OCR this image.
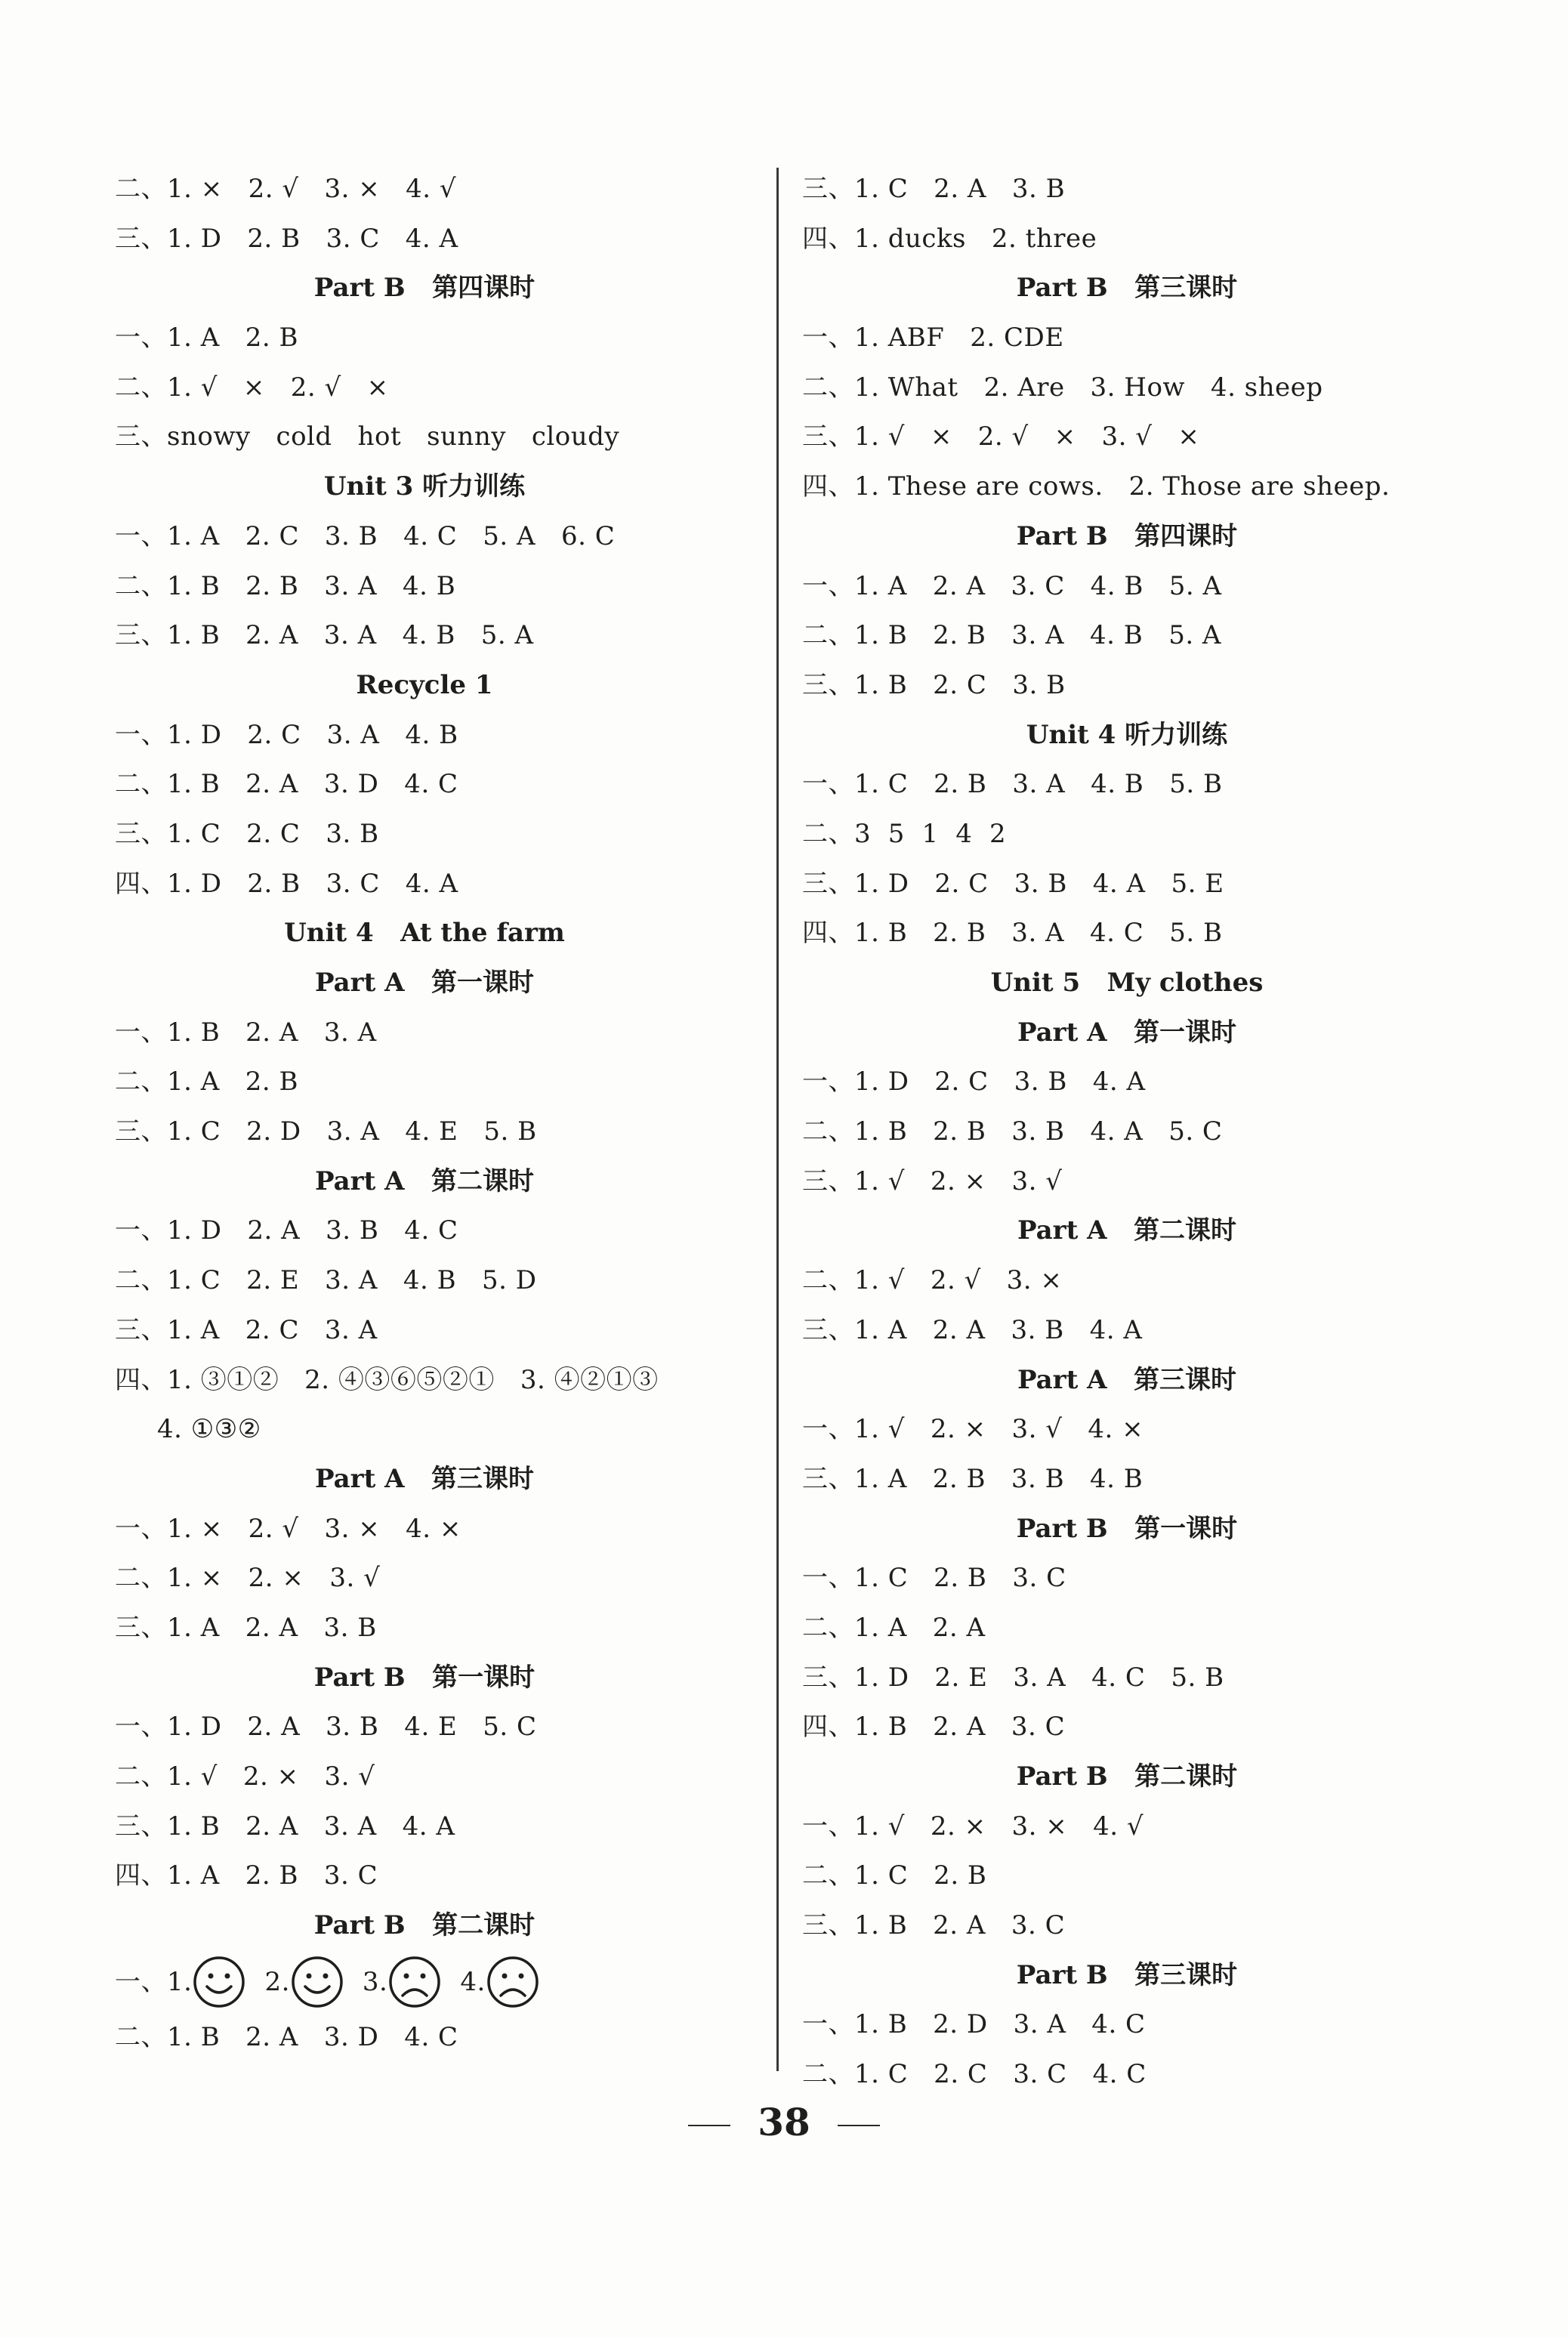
二、1. ×   2. √   3. ×   4. √
三、1. D   2. B   3. C   4. A
Part B   第四课时
一、1. A   2. B
二、1. √   ×   2. √   ×
三、snowy   cold   hot   sunny   cloudy
Unit 3 听力训练
一、1. A   2. C   3. B   4. C   5. A   6. C
二、1. B   2. B   3. A   4. B
三、1. B   2. A   3. A   4. B   5. A
Recycle 1
一、1. D   2. C   3. A   4. B
二、1. B   2. A   3. D   4. C
三、1. C   2. C   3. B
四、1. D   2. B   3. C   4. A
Unit 4   At the farm
Part A   第一课时
一、1. B   2. A   3. A
二、1. A   2. B
三、1. C   2. D   3. A   4. E   5. B
Part A   第二课时
一、1. D   2. A   3. B   4. C
二、1. C   2. E   3. A   4. B   5. D
三、1. A   2. C   3. A
四、1. ③①②   2. ④③⑥⑤②①   3. ④②①③
4. ①③②
Part A   第三课时
一、1. ×   2. √   3. ×   4. ×
二、1. ×   2. ×   3. √
三、1. A   2. A   3. B
Part B   第一课时
一、1. D   2. A   3. B   4. E   5. C
二、1. √   2. ×   3. √
三、1. B   2. A   3. A   4. A
四、1. A   2. B   3. C
Part B   第二课时
一、 1.	2.	3.	4.
二、1. B   2. A   3. D   4. C
三、1. C   2. A   3. B
四、1. ducks   2. three
Part B   第三课时
一、1. ABF   2. CDE
二、1. What   2. Are   3. How   4. sheep
三、1. √   ×   2. √   ×   3. √   ×
四、1. These are cows.   2. Those are sheep.
Part B   第四课时
一、1. A   2. A   3. C   4. B   5. A
二、1. B   2. B   3. A   4. B   5. A
三、1. B   2. C   3. B
Unit 4 听力训练
一、1. C   2. B   3. A   4. B   5. B
二、3  5  1  4  2
三、1. D   2. C   3. B   4. A   5. E
四、1. B   2. B   3. A   4. C   5. B
Unit 5   My clothes
Part A   第一课时
一、1. D   2. C   3. B   4. A
二、1. B   2. B   3. B   4. A   5. C
三、1. √   2. ×   3. √
Part A   第二课时
二、1. √   2. √   3. ×
三、1. A   2. A   3. B   4. A
Part A   第三课时
一、1. √   2. ×   3. √   4. ×
三、1. A   2. B   3. B   4. B
Part B   第一课时
一、1. C   2. B   3. C
二、1. A   2. A
三、1. D   2. E   3. A   4. C   5. B
四、1. B   2. A   3. C
Part B   第二课时
一、1. √   2. ×   3. ×   4. √
二、1. C   2. B
三、1. B   2. A   3. C
Part B   第三课时
一、1. B   2. D   3. A   4. C
二、1. C   2. C   3. C   4. C
38
